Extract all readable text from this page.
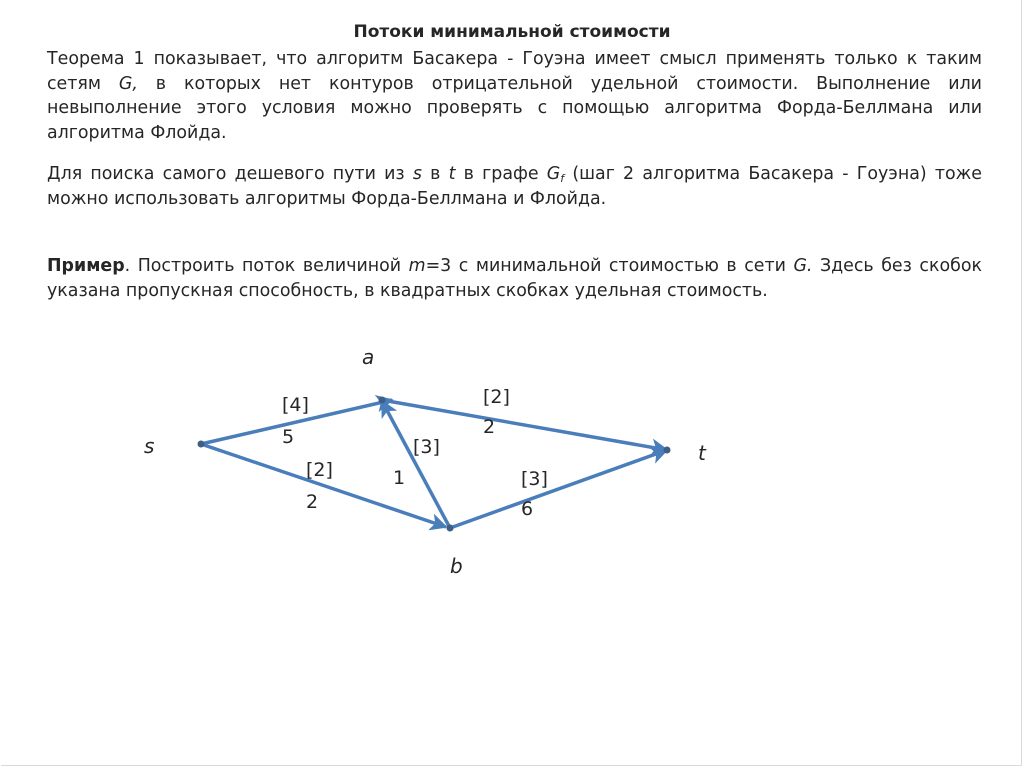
Потоки минимальной стоимости

Теорема 1 показывает, что алгоритм Басакера - Гоуэна имеет смысл применять только к таким сетям G, в которых нет контуров отрицательной удельной стоимости. Выполнение или невыполнение этого условия можно проверять с помощью алгоритма Форда-Беллмана или алгоритма Флойда.

Для поиска самого дешевого пути из s в t в графе $G_f$ (шаг 2 алгоритма Басакера - Гоуэна) тоже можно использовать алгоритмы Форда-Беллмана и Флойда.

Пример. Построить поток величиной m=3 с минимальной стоимостью в сети G. Здесь без скобок указана пропускная способность, в квадратных скобках удельная стоимость.

s
a
b
t
[4]
5
[2]
2
[3]
1
[2]
2
[3]
6
